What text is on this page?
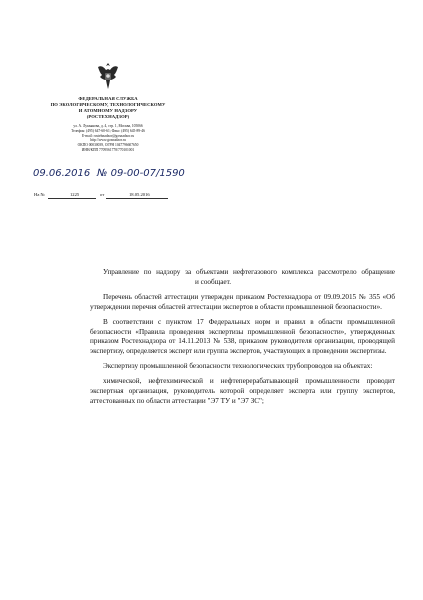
ФЕДЕРАЛЬНАЯ СЛУЖБА
ПО ЭКОЛОГИЧЕСКОМУ, ТЕХНОЛОГИЧЕСКОМУ
И АТОМНОМУ НАДЗОРУ
(РОСТЕХНАДЗОР)
ул. А. Лукьянова, д. 4, стр. 1, Москва, 105066
Телефон: (495) 647-60-61; Факс: (495) 645-89-46
E-mail: rostehnadzor@gosnadzor.ru
http://www.gosnadzor.ru
ОКПО 00030039, ОГРН 1047796607650
ИНН/КПП 7709561778/770101001
09.06.2016 № 09-00-07/1590
На №	1225	от	18.05.2016

Управление по надзору за объектами нефтегазового комплекса рассмотрело обращениеи сообщает.

Перечень областей аттестации утвержден приказом Ростехнадзора от 09.09.2015 № 355 «Об утверждении перечня областей аттестации экспертов в области промышленной безопасности».

В соответствии с пунктом 17 Федеральных норм и правил в области промышленной безопасности «Правила проведения экспертизы промышленной безопасности», утвержденных приказом Ростехнадзора от 14.11.2013 № 538, приказом руководителя организации, проводящей экспертизу, определяется эксперт или группа экспертов, участвующих в проведении экспертизы.

Экспертизу промышленной безопасности технологических трубопроводов на объектах:

химической, нефтехимической и нефтеперерабатывающей промышленности проводит экспертная организация, руководитель которой определяет эксперта или группу экспертов, аттестованных по области аттестации "Э7 ТУ и "Э7 ЗС";
